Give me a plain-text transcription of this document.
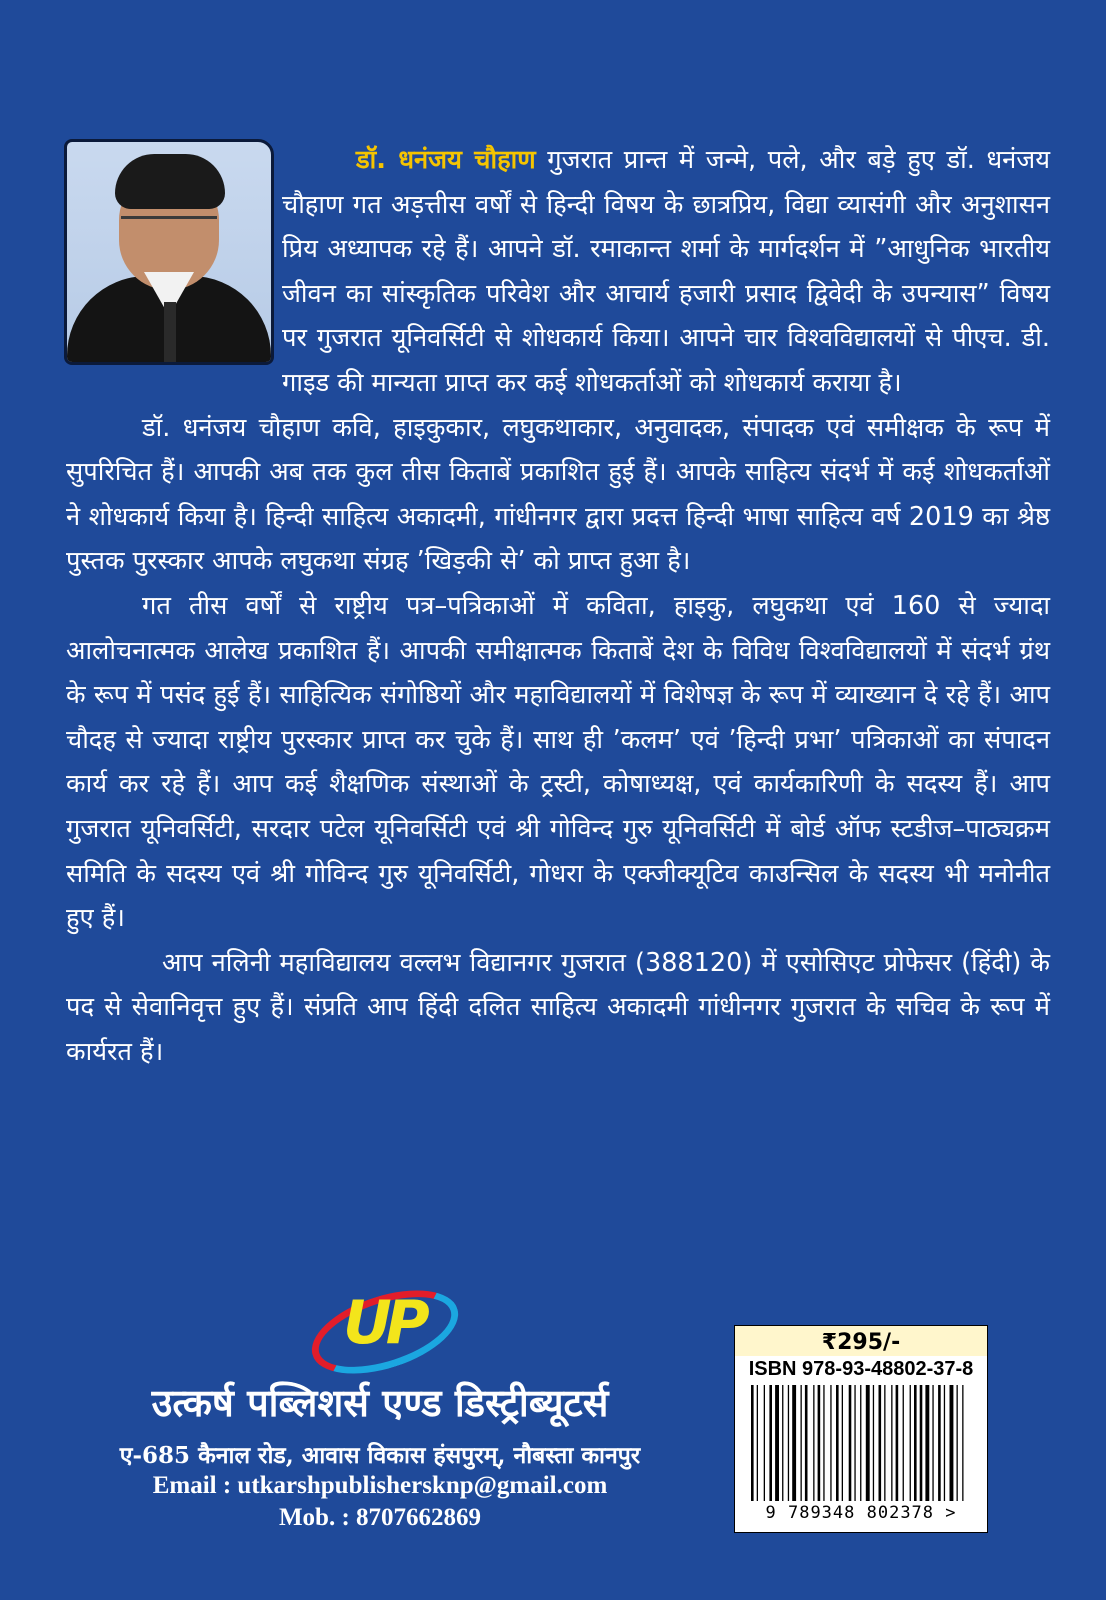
डॉ. धनंजय चौहाण गुजरात प्रान्त में जन्मे, पले, और बड़े हुए डॉ. धनंजय चौहाण गत अड़त्तीस वर्षों से हिन्दी विषय के छात्रप्रिय, विद्या व्यासंगी और अनुशासन प्रिय अध्यापक रहे हैं। आपने डॉ. रमाकान्त शर्मा के मार्गदर्शन में ”आधुनिक भारतीय जीवन का सांस्कृतिक परिवेश और आचार्य हजारी प्रसाद द्विवेदी के उपन्यास” विषय पर गुजरात यूनिवर्सिटी से शोधकार्य किया। आपने चार विश्वविद्यालयों से पीएच. डी. गाइड की मान्यता प्राप्त कर कई शोधकर्ताओं को शोधकार्य कराया है।

डॉ. धनंजय चौहाण कवि, हाइकुकार, लघुकथाकार, अनुवादक, संपादक एवं समीक्षक के रूप में सुपरिचित हैं। आपकी अब तक कुल तीस किताबें प्रकाशित हुई हैं। आपके साहित्य संदर्भ में कई शोधकर्ताओं ने शोधकार्य किया है। हिन्दी साहित्य अकादमी, गांधीनगर द्वारा प्रदत्त हिन्दी भाषा साहित्य वर्ष 2019 का श्रेष्ठ पुस्तक पुरस्कार आपके लघुकथा संग्रह ’खिड़की से’ को प्राप्त हुआ है।

गत तीस वर्षों से राष्ट्रीय पत्र–पत्रिकाओं में कविता, हाइकु, लघुकथा एवं 160 से ज्यादा आलोचनात्मक आलेख प्रकाशित हैं। आपकी समीक्षात्मक किताबें देश के विविध विश्वविद्यालयों में संदर्भ ग्रंथ के रूप में पसंद हुई हैं। साहित्यिक संगोष्ठियों और महाविद्यालयों में विशेषज्ञ के रूप में व्याख्यान दे रहे हैं। आप चौदह से ज्यादा राष्ट्रीय पुरस्कार प्राप्त कर चुके हैं। साथ ही ’कलम’ एवं ’हिन्दी प्रभा’ पत्रिकाओं का संपादन कार्य कर रहे हैं। आप कई शैक्षणिक संस्थाओं के ट्रस्टी, कोषाध्यक्ष, एवं कार्यकारिणी के सदस्य हैं। आप गुजरात यूनिवर्सिटी, सरदार पटेल यूनिवर्सिटी एवं श्री गोविन्द गुरु यूनिवर्सिटी में बोर्ड ऑफ स्टडीज–पाठ्यक्रम समिति के सदस्य एवं श्री गोविन्द गुरु यूनिवर्सिटी, गोधरा के एक्जीक्यूटिव काउन्सिल के सदस्य भी मनोनीत हुए हैं।

आप नलिनी महाविद्यालय वल्लभ विद्यानगर गुजरात (388120) में एसोसिएट प्रोफेसर (हिंदी) के पद से सेवानिवृत्त हुए हैं। संप्रति आप हिंदी दलित साहित्य अकादमी गांधीनगर गुजरात के सचिव के रूप में कार्यरत हैं।

UP
उत्कर्ष पब्लिशर्स एण्ड डिस्ट्रीब्यूटर्स
ए-685 कैनाल रोड, आवास विकास हंसपुरम्, नौबस्ता कानपुर
Email : utkarshpublishersknp@gmail.com
Mob. : 8707662869
₹295/-
ISBN 978-93-48802-37-8
9 789348 802378 >
